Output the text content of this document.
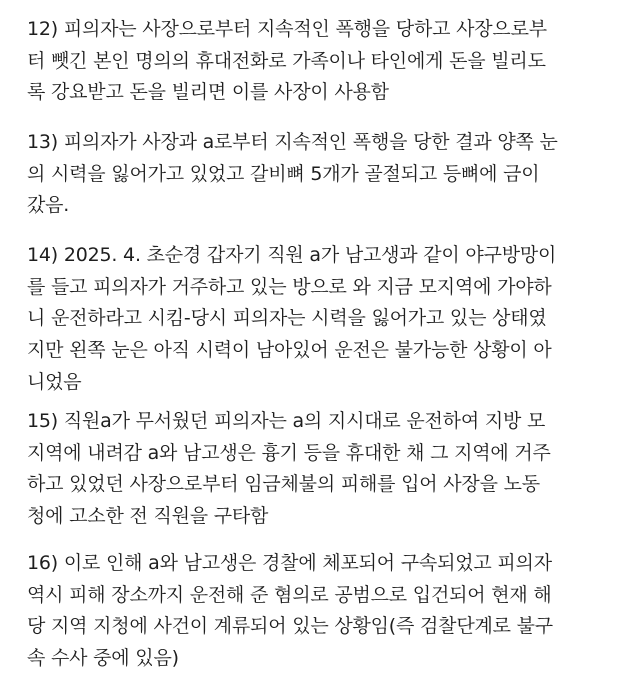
12) 피의자는 사장으로부터 지속적인 폭행을 당하고 사장으로부
터 뺏긴 본인 명의의 휴대전화로 가족이나 타인에게 돈을 빌리도
록 강요받고 돈을 빌리면 이를 사장이 사용함
13) 피의자가 사장과 a로부터 지속적인 폭행을 당한 결과 양쪽 눈
의 시력을 잃어가고 있었고 갈비뼈 5개가 골절되고 등뼈에 금이
갔음.
14) 2025. 4. 초순경 갑자기 직원 a가 남고생과 같이 야구방망이
를 들고 피의자가 거주하고 있는 방으로 와 지금 모지역에 가야하
니 운전하라고 시킴-당시 피의자는 시력을 잃어가고 있는 상태였
지만 왼쪽 눈은 아직 시력이 남아있어 운전은 불가능한 상황이 아
니었음
15) 직원a가 무서웠던 피의자는 a의 지시대로 운전하여 지방 모
지역에 내려감 a와 남고생은 흉기 등을 휴대한 채 그 지역에 거주
하고 있었던 사장으로부터 임금체불의 피해를 입어 사장을 노동
청에 고소한 전 직원을 구타함
16) 이로 인해 a와 남고생은 경찰에 체포되어 구속되었고 피의자
역시 피해 장소까지 운전해 준 혐의로 공범으로 입건되어 현재 해
당 지역 지청에 사건이 계류되어 있는 상황임(즉 검찰단계로 불구
속 수사 중에 있음)
